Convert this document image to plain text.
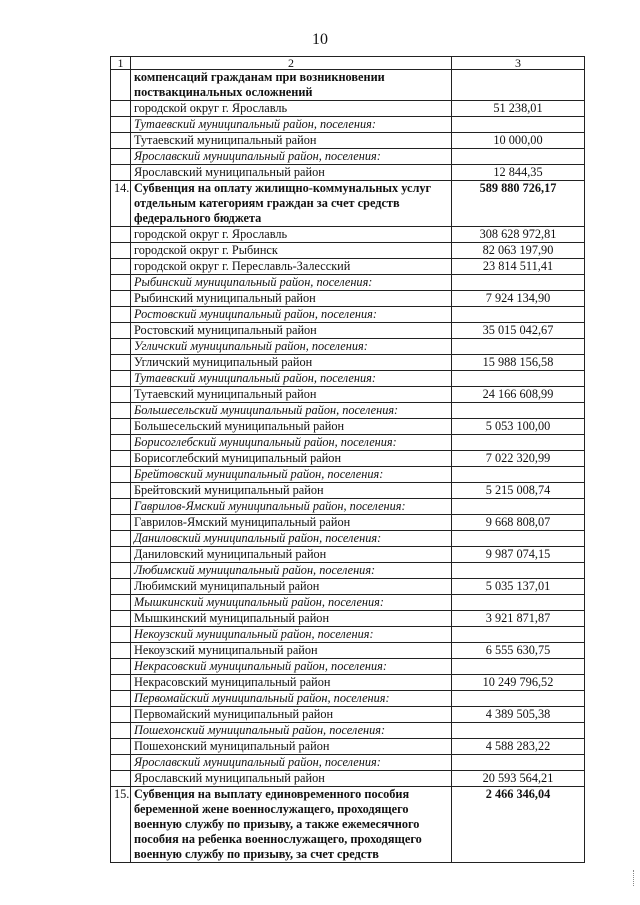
10
1	2	3
	компенсаций гражданам при возникновении поствакцинальных осложнений	
	городской округ г. Ярославль	51 238,01
	Тутаевский муниципальный район, поселения:	
	Тутаевский муниципальный район	10 000,00
	Ярославский муниципальный район, поселения:	
	Ярославский муниципальный район	12 844,35
14.	Субвенция на оплату жилищно-коммунальных услуг отдельным категориям граждан за счет средств федерального бюджета	589 880 726,17
	городской округ г. Ярославль	308 628 972,81
	городской округ г. Рыбинск	82 063 197,90
	городской округ г. Переславль-Залесский	23 814 511,41
	Рыбинский муниципальный район, поселения:	
	Рыбинский муниципальный район	7 924 134,90
	Ростовский муниципальный район, поселения:	
	Ростовский муниципальный район	35 015 042,67
	Угличский муниципальный район, поселения:	
	Угличский муниципальный район	15 988 156,58
	Тутаевский муниципальный район, поселения:	
	Тутаевский муниципальный район	24 166 608,99
	Большесельский муниципальный район, поселения:	
	Большесельский муниципальный район	5 053 100,00
	Борисоглебский муниципальный район, поселения:	
	Борисоглебский муниципальный район	7 022 320,99
	Брейтовский муниципальный район, поселения:	
	Брейтовский муниципальный район	5 215 008,74
	Гаврилов-Ямский муниципальный район, поселения:	
	Гаврилов-Ямский муниципальный район	9 668 808,07
	Даниловский муниципальный район, поселения:	
	Даниловский муниципальный район	9 987 074,15
	Любимский муниципальный район, поселения:	
	Любимский муниципальный район	5 035 137,01
	Мышкинский муниципальный район, поселения:	
	Мышкинский муниципальный район	3 921 871,87
	Некоузский муниципальный район, поселения:	
	Некоузский муниципальный район	6 555 630,75
	Некрасовский муниципальный район, поселения:	
	Некрасовский муниципальный район	10 249 796,52
	Первомайский муниципальный район, поселения:	
	Первомайский муниципальный район	4 389 505,38
	Пошехонский муниципальный район, поселения:	
	Пошехонский муниципальный район	4 588 283,22
	Ярославский муниципальный район, поселения:	
	Ярославский муниципальный район	20 593 564,21
15.	Субвенция на выплату единовременного пособия беременной жене военнослужащего, проходящего военную службу по призыву, а также ежемесячного пособия на ребенка военнослужащего, проходящего военную службу по призыву, за счет средств	2 466 346,04
